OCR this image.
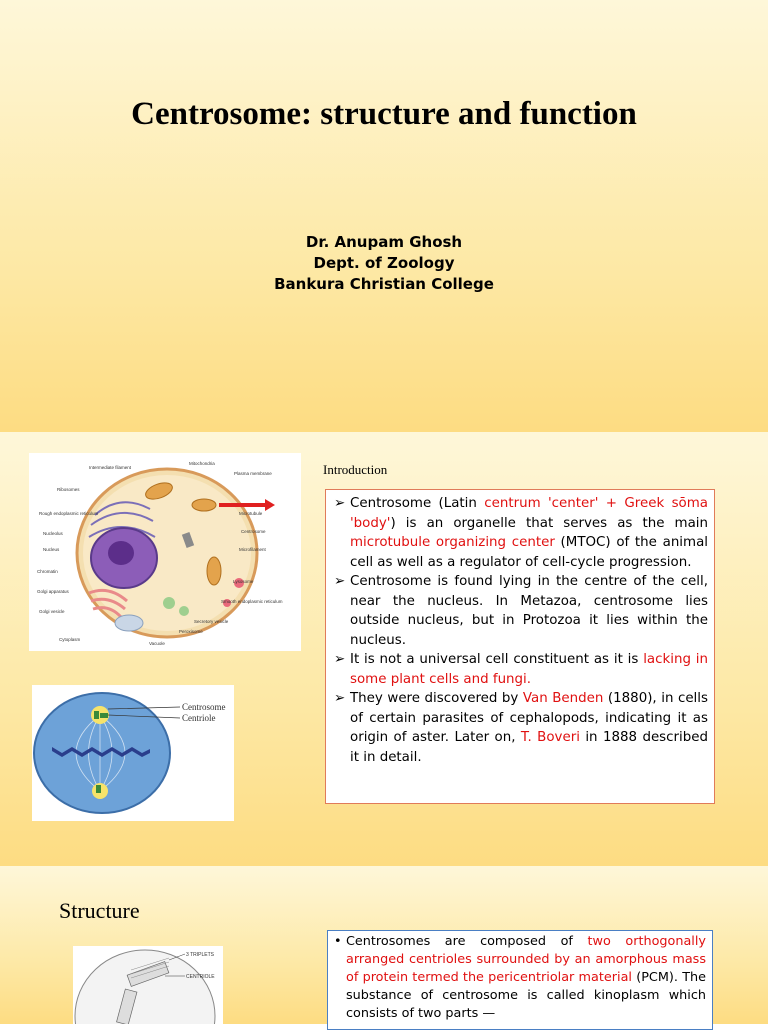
Centrosome: structure and function
Dr. Anupam Ghosh
Dept. of Zoology
Bankura Christian College
Intermediate filament
Mitochondria
Plasma membrane
Ribosomes
Microtubule
Rough endoplasmic reticulum
Centrosome
Nucleolus
Microfilament
Nucleus
Chromatin
Lysosome
Golgi apparatus
Smooth endoplasmic reticulum
Golgi vesicle
Secretory vesicle
Peroxisome
Cytoplasm
Vacuole
Centrosome
Centriole
Introduction

➢ Centrosome (Latin centrum 'center' + Greek sōma 'body') is an organelle that serves as the main microtubule organizing center (MTOC) of the animal cell as well as a regulator of cell-cycle progression.

➢ Centrosome is found lying in the centre of the cell, near the nucleus. In Metazoa, centrosome lies outside nucleus, but in Protozoa it lies within the nucleus.

➢ It is not a universal cell constituent as it is lacking in some plant cells and fungi.

➢ They were discovered by Van Benden (1880), in cells of certain parasites of cephalopods, indicating it as origin of aster. Later on, T. Boveri in 1888 described it in detail.

Structure
3 TRIPLETS
CENTRIOLE

• Centrosomes are composed of two orthogonally arranged centrioles surrounded by an amorphous mass of protein termed the pericentriolar material (PCM). The substance of centrosome is called kinoplasm which consists of two parts —
